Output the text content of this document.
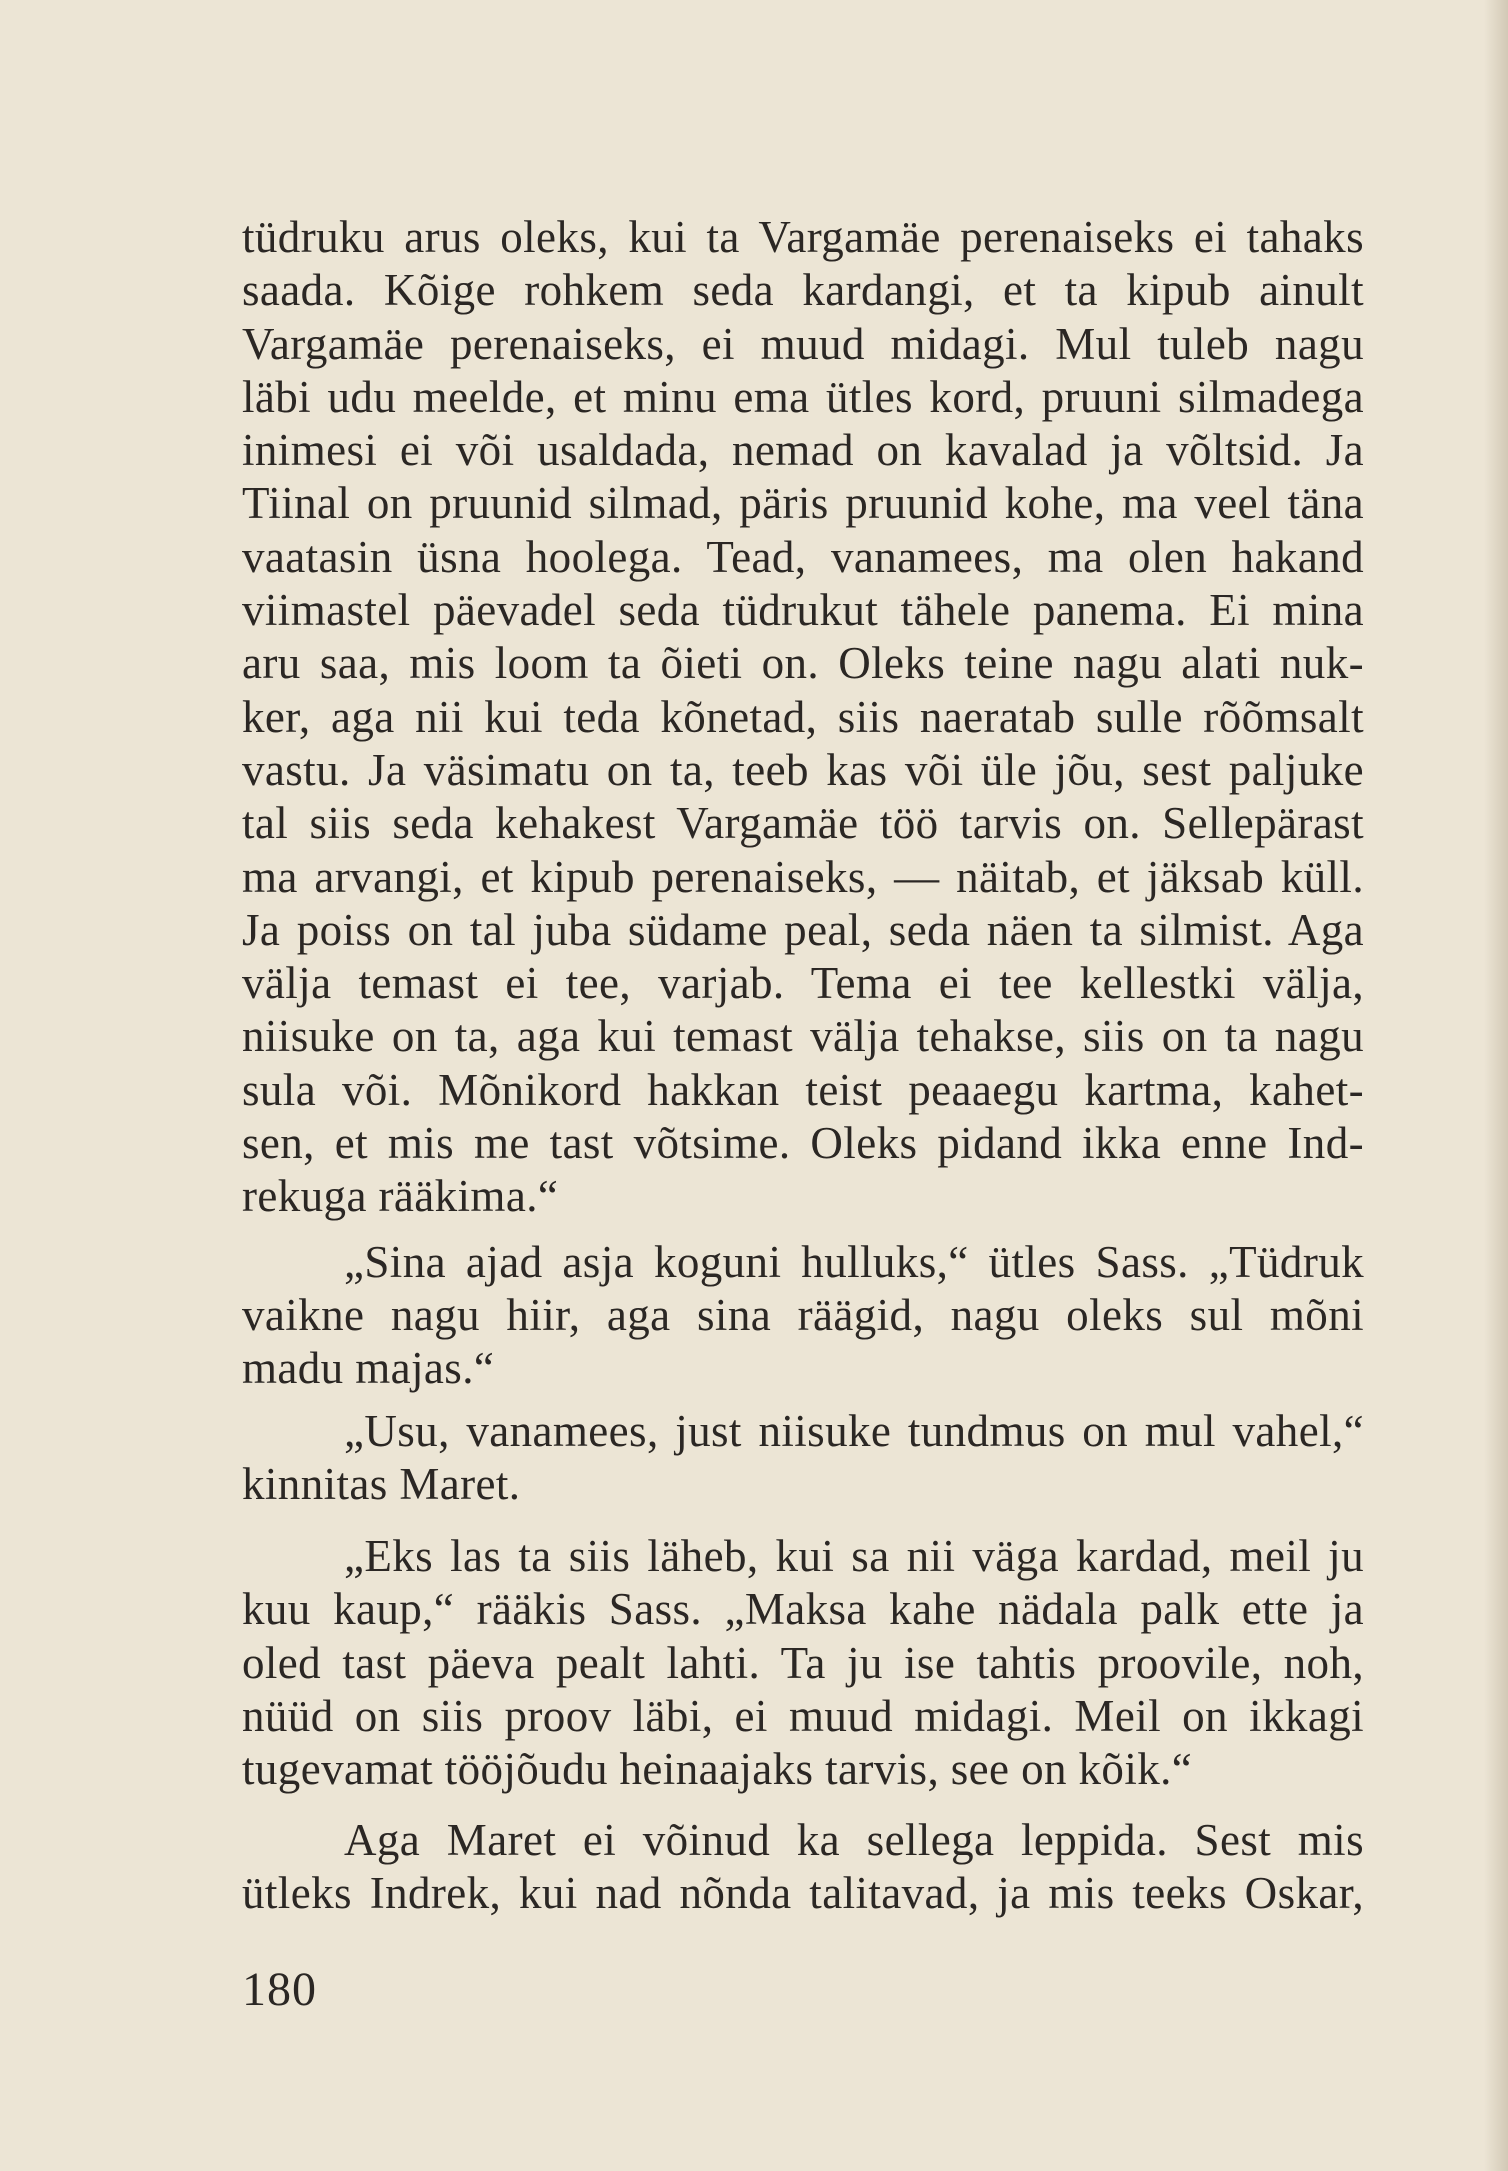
tüdruku arus oleks, kui ta Vargamäe perenaiseks ei tahaks
saada. Kõige rohkem seda kardangi, et ta kipub ainult
Vargamäe perenaiseks, ei muud midagi. Mul tuleb nagu
läbi udu meelde, et minu ema ütles kord, pruuni silmadega
inimesi ei või usaldada, nemad on kavalad ja võltsid. Ja
Tiinal on pruunid silmad, päris pruunid kohe, ma veel täna
vaatasin üsna hoolega. Tead, vanamees, ma olen hakand
viimastel päevadel seda tüdrukut tähele panema. Ei mina
aru saa, mis loom ta õieti on. Oleks teine nagu alati nuk-
ker, aga nii kui teda kõnetad, siis naeratab sulle rõõmsalt
vastu. Ja väsimatu on ta, teeb kas või üle jõu, sest paljuke
tal siis seda kehakest Vargamäe töö tarvis on. Sellepärast
ma arvangi, et kipub perenaiseks, — näitab, et jäksab küll.
Ja poiss on tal juba südame peal, seda näen ta silmist. Aga
välja temast ei tee, varjab. Tema ei tee kellestki välja,
niisuke on ta, aga kui temast välja tehakse, siis on ta nagu
sula või. Mõnikord hakkan teist peaaegu kartma, kahet-
sen, et mis me tast võtsime. Oleks pidand ikka enne Ind-
rekuga rääkima.“
„Sina ajad asja koguni hulluks,“ ütles Sass. „Tüdruk
vaikne nagu hiir, aga sina räägid, nagu oleks sul mõni
madu majas.“
„Usu, vanamees, just niisuke tundmus on mul vahel,“
kinnitas Maret.
„Eks las ta siis läheb, kui sa nii väga kardad, meil ju
kuu kaup,“ rääkis Sass. „Maksa kahe nädala palk ette ja
oled tast päeva pealt lahti. Ta ju ise tahtis proovile, noh,
nüüd on siis proov läbi, ei muud midagi. Meil on ikkagi
tugevamat tööjõudu heinaajaks tarvis, see on kõik.“
Aga Maret ei võinud ka sellega leppida. Sest mis
ütleks Indrek, kui nad nõnda talitavad, ja mis teeks Oskar,
180
